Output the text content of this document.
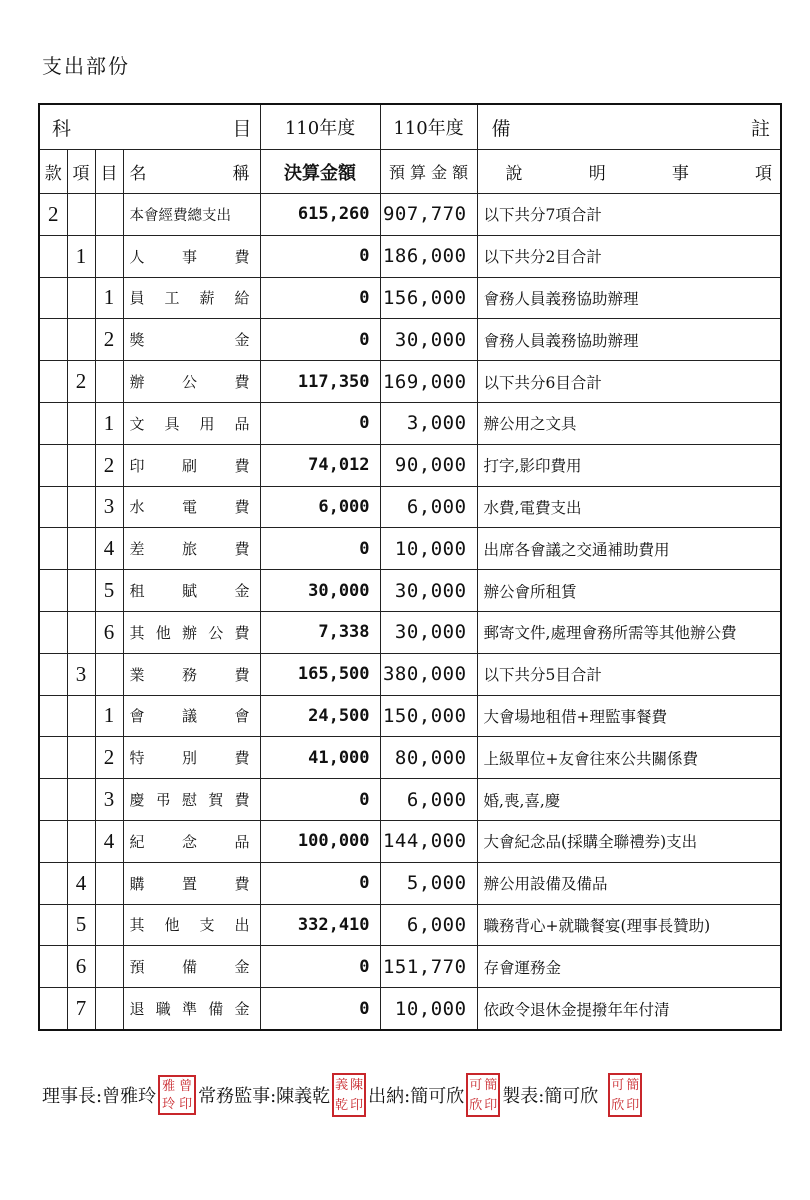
支出部份
科 目				110年度	110年度	備 註

款	項	目	名 稱	決算金額	預 算 金 額	說 明 事 項

2			本會經費總支出	615,260	907,770	以下共分7項合計
	1		人 事 費	0	186,000	以下共分2目合計
		1	員 工 薪 給	0	156,000	會務人員義務協助辦理
		2	獎 金	0	30,000	會務人員義務協助辦理
	2		辦 公 費	117,350	169,000	以下共分6目合計
		1	文 具 用 品	0	3,000	辦公用之文具
		2	印 刷 費	74,012	90,000	打字,影印費用
		3	水 電 費	6,000	6,000	水費,電費支出
		4	差 旅 費	0	10,000	出席各會議之交通補助費用
		5	租 賦 金	30,000	30,000	辦公會所租賃
		6	其 他 辦 公 費	7,338	30,000	郵寄文件,處理會務所需等其他辦公費
	3		業 務 費	165,500	380,000	以下共分5目合計
		1	會 議 會	24,500	150,000	大會場地租借+理監事餐費
		2	特 別 費	41,000	80,000	上級單位+友會往來公共關係費
		3	慶 弔 慰 賀 費	0	6,000	婚,喪,喜,慶
		4	紀 念 品	100,000	144,000	大會紀念品(採購全聯禮券)支出
	4		購 置 費	0	5,000	辦公用設備及備品
	5		其 他 支 出	332,410	6,000	職務背心+就職餐宴(理事長贊助)
	6		預 備 金	0	151,770	存會運務金
	7		退 職 準 備 金	0	10,000	依政令退休金提撥年年付清
理事長:曾雅玲 雅 曾
玲 印 常務監事:陳義乾
義 陳
乾 印 出納:簡可欣
可 簡
欣 印 製表:簡可欣
可 簡
欣 印
